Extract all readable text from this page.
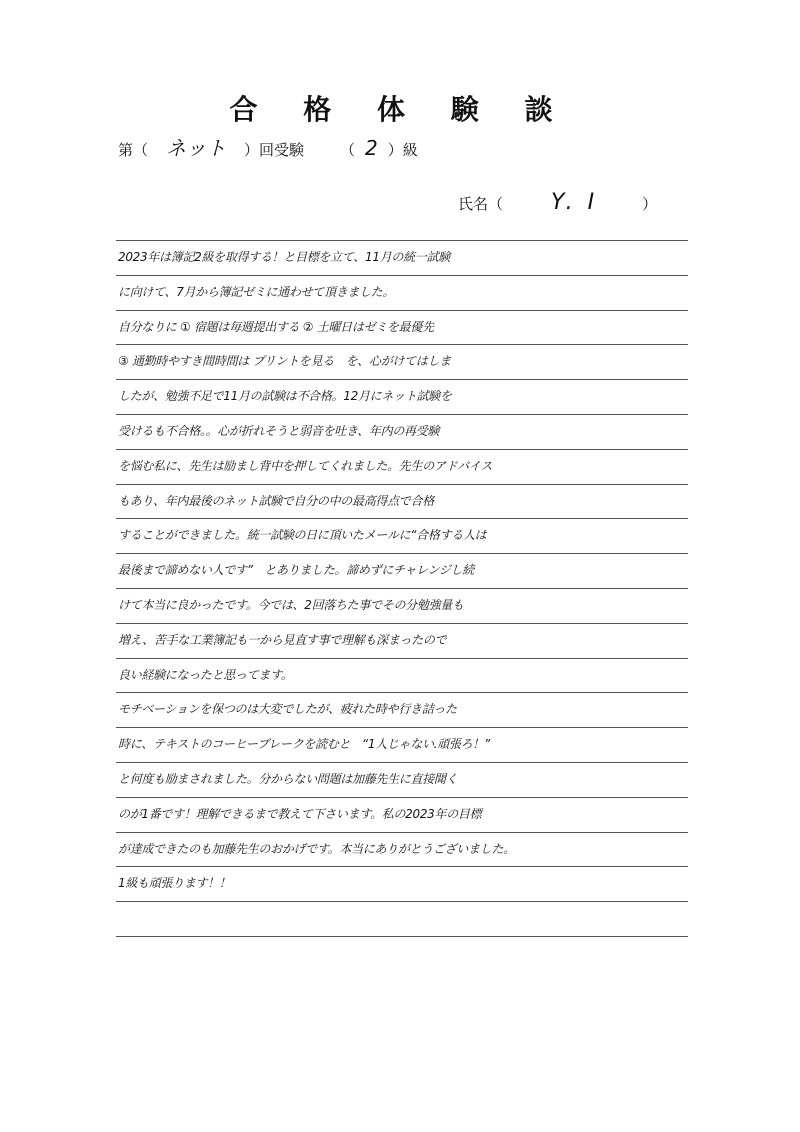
合 格 体 験 談
第（ ネット	）回受験 （ 2 ）級
氏名（	Y. I	）
2023年は簿記2級を取得する！と目標を立て、11月の統一試験
に向けて、7月から簿記ゼミに通わせて頂きました。
自分なりに ① 宿題は毎週提出する ② 土曜日はゼミを最優先
③ 通勤時やすき間時間は プリントを見る　を、心がけてはしま
したが、勉強不足で11月の試験は不合格。12月にネット試験を
受けるも不合格。。心が折れそうと弱音を吐き、年内の再受験
を悩む私に、先生は励まし背中を押してくれました。先生のアドバイス
もあり、年内最後のネット試験で自分の中の最高得点で合格
することができました。統一試験の日に頂いたメールに“合格する人は
最後まで諦めない人です”　とありました。諦めずにチャレンジし続
けて本当に良かったです。今では、2回落ちた事でその分勉強量も
増え、苦手な工業簿記も一から見直す事で理解も深まったので
良い経験になったと思ってます。
モチベーションを保つのは大変でしたが、疲れた時や行き詰った
時に、テキストのコーヒーブレークを読むと　“1人じゃない.頑張ろ！”
と何度も励まされました。分からない問題は加藤先生に直接聞く
のが1番です！理解できるまで教えて下さいます。私の2023年の目標
が達成できたのも加藤先生のおかげです。本当にありがとうございました。
1級も頑張ります！！
